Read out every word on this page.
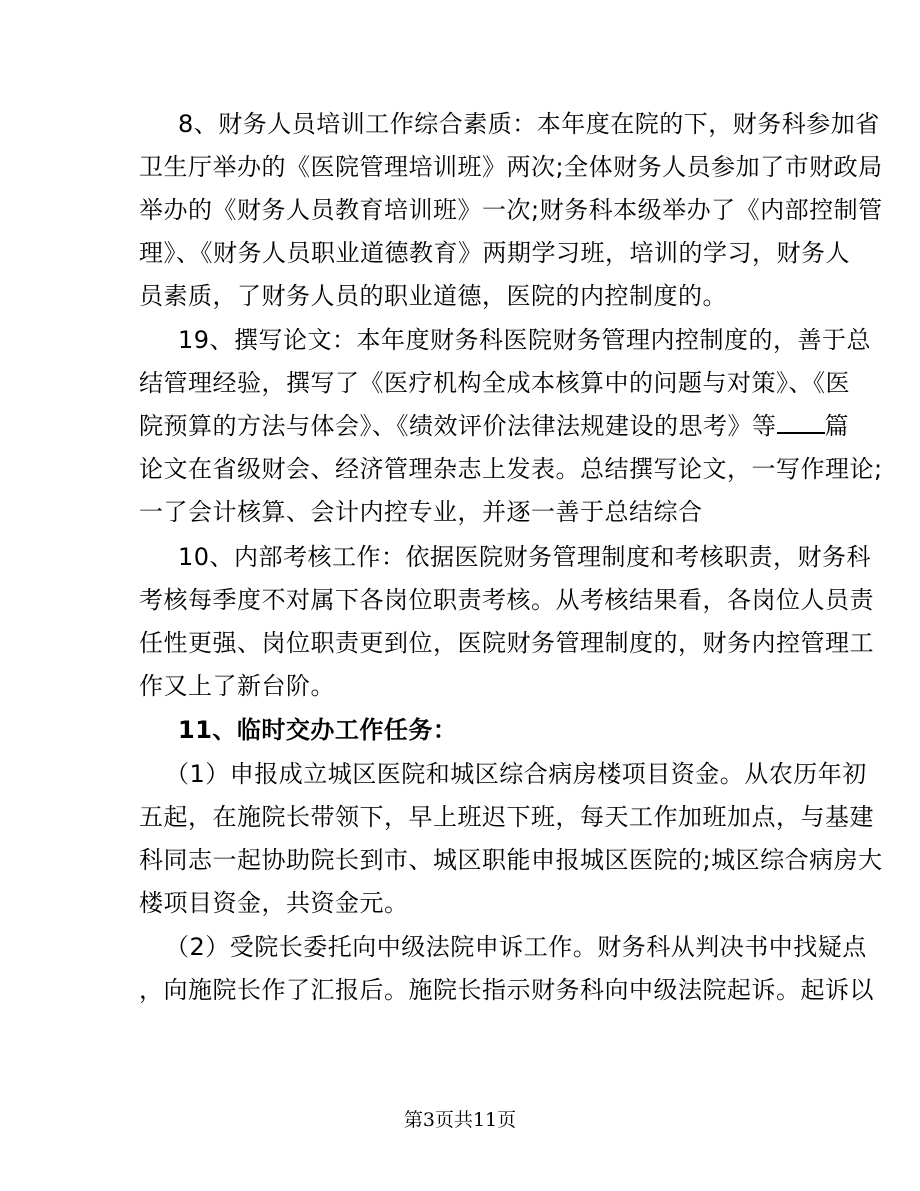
8、财务人员培训工作综合素质：本年度在院的下，财务科参加省

卫生厅举办的《医院管理培训班》两次;全体财务人员参加了市财政局

举办的《财务人员教育培训班》一次;财务科本级举办了《内部控制管

理》、《财务人员职业道德教育》两期学习班，培训的学习，财务人

员素质，了财务人员的职业道德，医院的内控制度的。

19、撰写论文：本年度财务科医院财务管理内控制度的，善于总

结管理经验，撰写了《医疗机构全成本核算中的问题与对策》、《医

院预算的方法与体会》、《绩效评价法律法规建设的思考》等 篇

论文在省级财会、经济管理杂志上发表。总结撰写论文，一写作理论;

一了会计核算、会计内控专业，并逐一善于总结综合

10、内部考核工作：依据医院财务管理制度和考核职责，财务科

考核每季度不对属下各岗位职责考核。从考核结果看，各岗位人员责

任性更强、岗位职责更到位，医院财务管理制度的，财务内控管理工

作又上了新台阶。

11、临时交办工作任务：

（1）申报成立城区医院和城区综合病房楼项目资金。从农历年初

五起，在施院长带领下，早上班迟下班，每天工作加班加点，与基建

科同志一起协助院长到市、城区职能申报城区医院的;城区综合病房大

楼项目资金，共资金元。

（2）受院长委托向中级法院申诉工作。财务科从判决书中找疑点

，向施院长作了汇报后。施院长指示财务科向中级法院起诉。起诉以

第3页共11页
